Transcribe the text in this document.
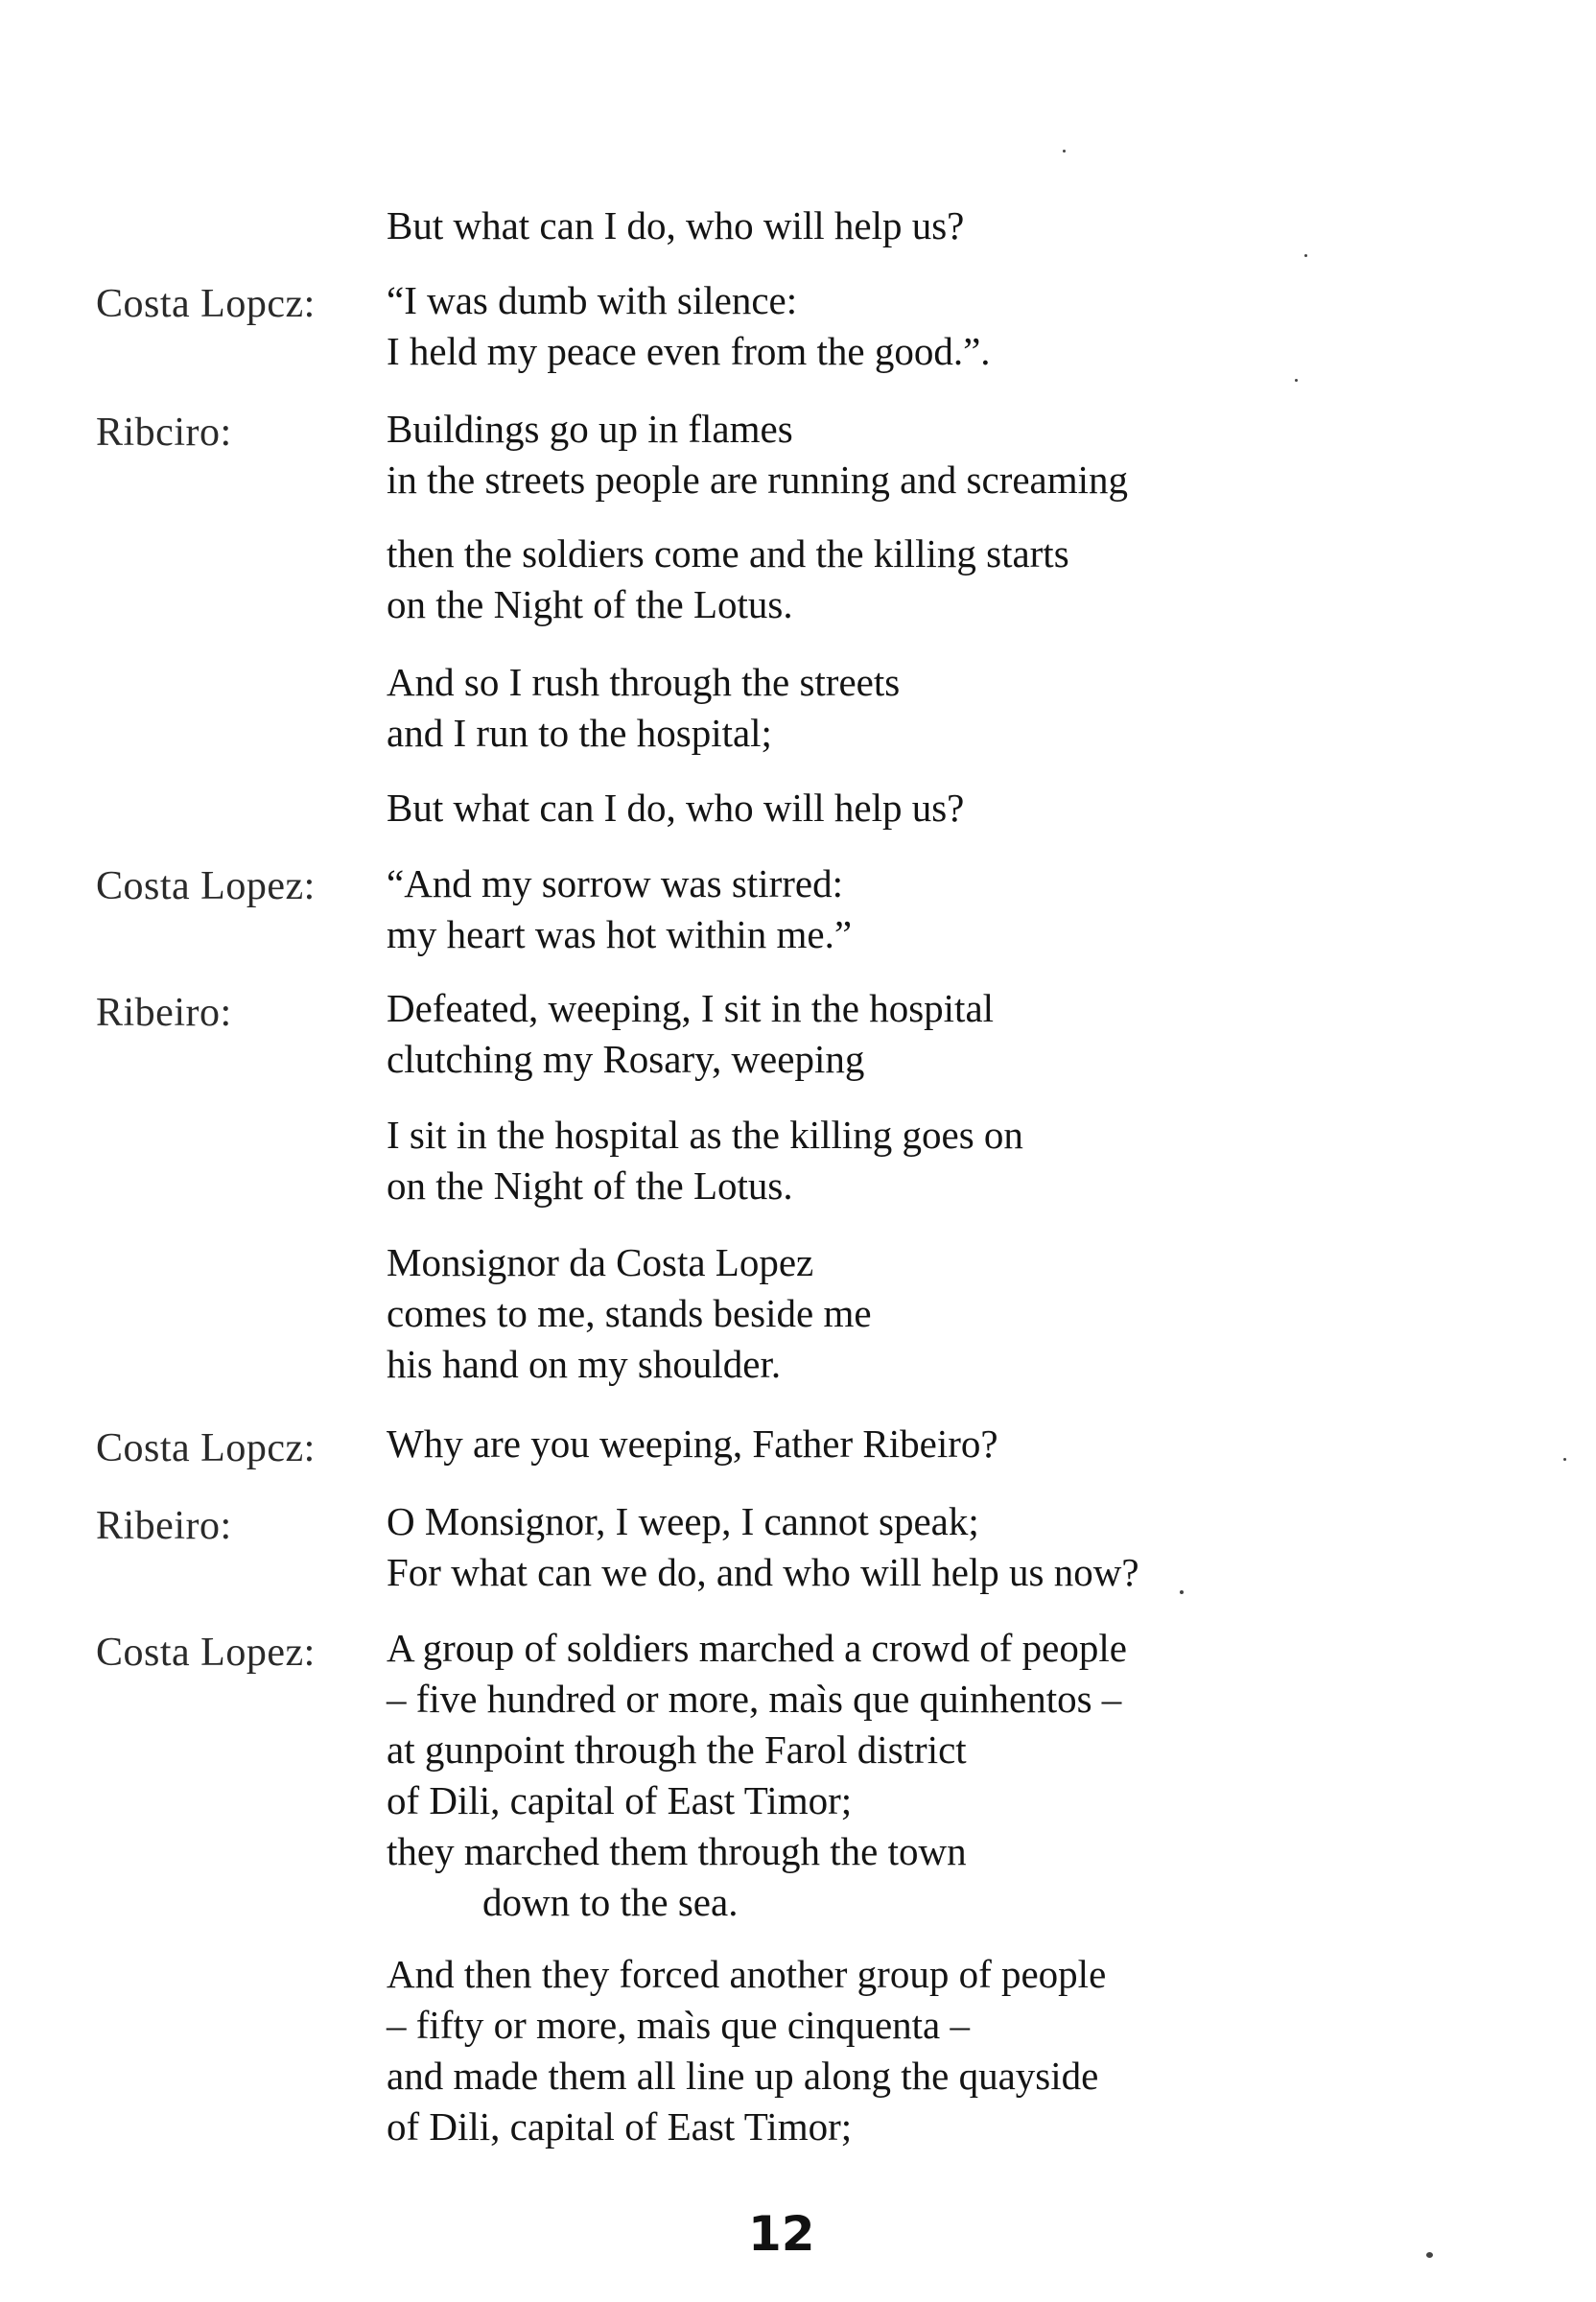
But what can I do, who will help us?
Costa Lopcz:	“I was dumb with silence:
I held my peace even from the good.”.
Ribciro:	Buildings go up in flames
in the streets people are running and screaming
then the soldiers come and the killing starts
on the Night of the Lotus.
And so I rush through the streets
and I run to the hospital;
But what can I do, who will help us?
Costa Lopez:	“And my sorrow was stirred:
my heart was hot within me.”
Ribeiro:	Defeated, weeping, I sit in the hospital
clutching my Rosary, weeping
I sit in the hospital as the killing goes on
on the Night of the Lotus.
Monsignor da Costa Lopez
comes to me, stands beside me
his hand on my shoulder.
Costa Lopcz:	Why are you weeping, Father Ribeiro?
Ribeiro:	O Monsignor, I weep, I cannot speak;
For what can we do, and who will help us now?
Costa Lopez:	A group of soldiers marched a crowd of people
– five hundred or more, maìs que quinhentos –
at gunpoint through the Farol district
of Dili, capital of East Timor;
they marched them through the town
down to the sea.
And then they forced another group of people
– fifty or more, maìs que cinquenta –
and made them all line up along the quayside
of Dili, capital of East Timor;
12
